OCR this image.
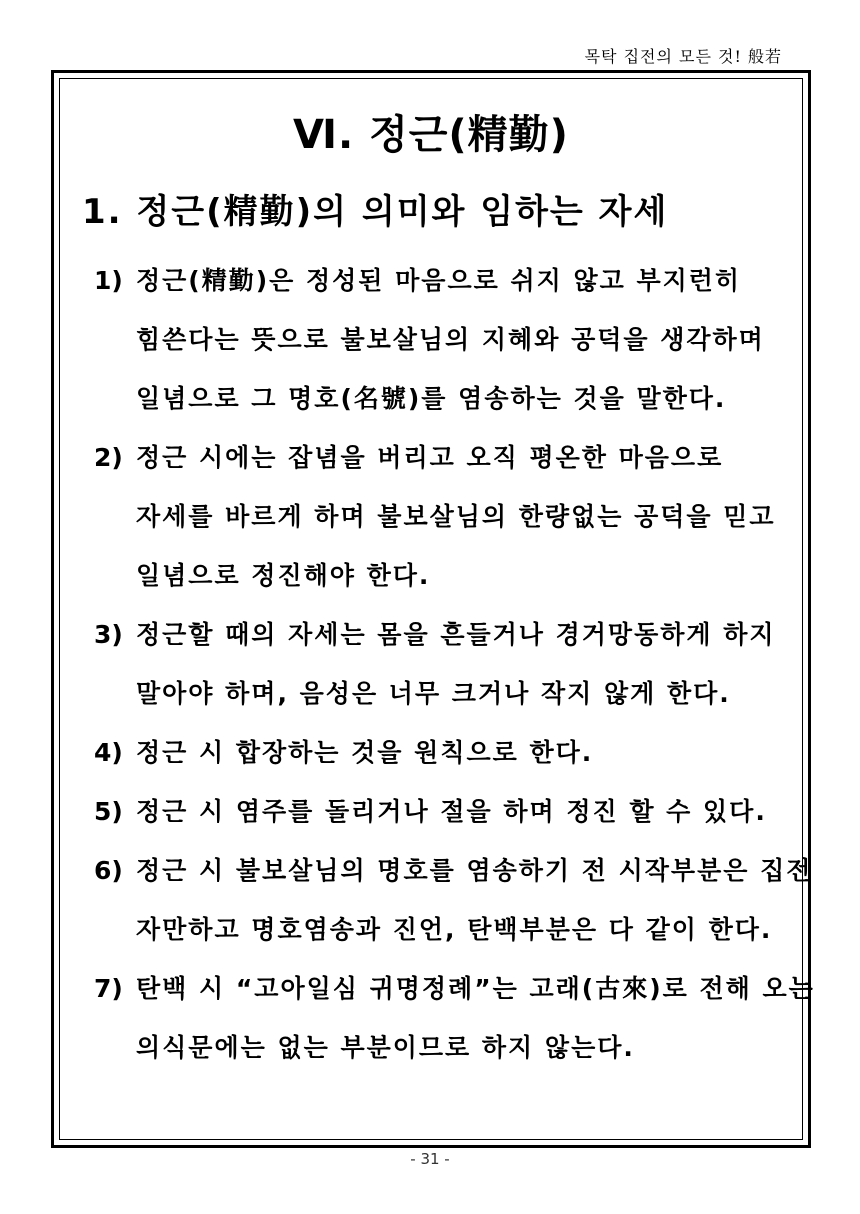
목탁 집전의 모든 것! 般若
Ⅵ. 정근(精勤)
1. 정근(精勤)의 의미와 임하는 자세
1) 정근(精勤)은 정성된 마음으로 쉬지 않고 부지런히
힘쓴다는 뜻으로 불보살님의 지혜와 공덕을 생각하며
일념으로 그 명호(名號)를 염송하는 것을 말한다.
2) 정근 시에는 잡념을 버리고 오직 평온한 마음으로
자세를 바르게 하며 불보살님의 한량없는 공덕을 믿고
일념으로 정진해야 한다.
3) 정근할 때의 자세는 몸을 흔들거나 경거망동하게 하지
말아야 하며, 음성은 너무 크거나 작지 않게 한다.
4) 정근 시 합장하는 것을 원칙으로 한다.
5) 정근 시 염주를 돌리거나 절을 하며 정진 할 수 있다.
6) 정근 시 불보살님의 명호를 염송하기 전 시작부분은 집전
자만하고 명호염송과 진언, 탄백부분은 다 같이 한다.
7) 탄백 시 “고아일심 귀명정례”는 고래(古來)로 전해 오는
의식문에는 없는 부분이므로 하지 않는다.
- 31 -
